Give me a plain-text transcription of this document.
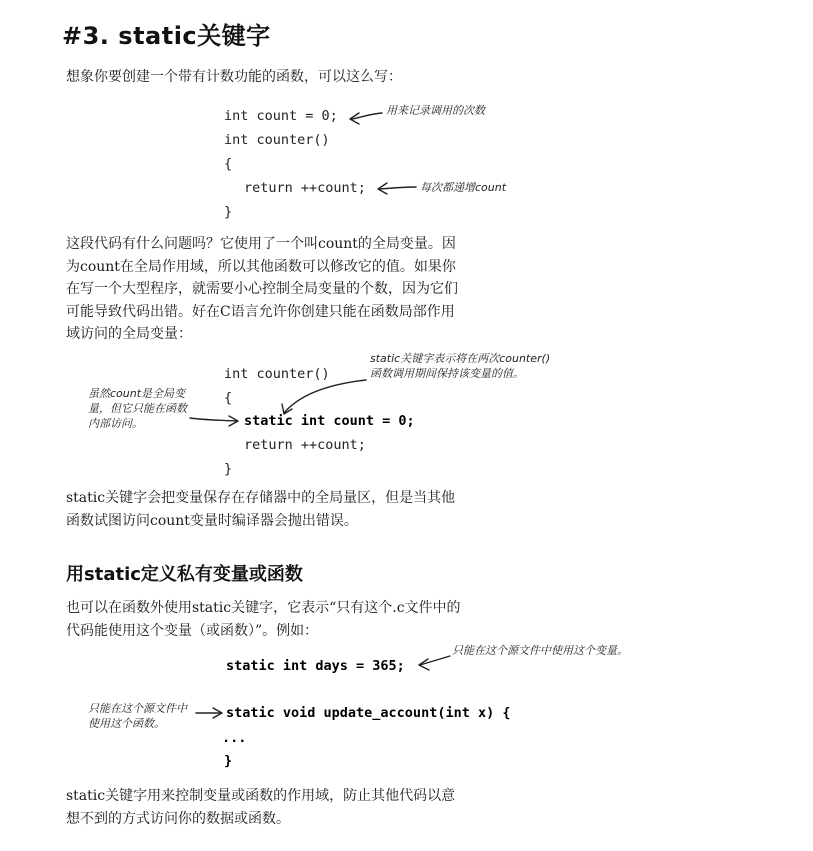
#3. static关键字
想象你要创建一个带有计数功能的函数，可以这么写：
int count = 0;
int counter()
{
return ++count;
}
用来记录调用的次数
每次都递增count
这段代码有什么问题吗？它使用了一个叫count的全局变量。因为count在全局作用域，所以其他函数可以修改它的值。如果你在写一个大型程序，就需要小心控制全局变量的个数，因为它们可能导致代码出错。好在C语言允许你创建只能在函数局部作用域访问的全局变量：
int counter()
{
static int count = 0;
return ++count;
}
static关键字表示将在两次counter()函数调用期间保持该变量的值。
虽然count是全局变量，但它只能在函数内部访问。
static关键字会把变量保存在存储器中的全局量区，但是当其他函数试图访问count变量时编译器会抛出错误。
用static定义私有变量或函数
也可以在函数外使用static关键字，它表示“只有这个.c文件中的代码能使用这个变量（或函数）”。例如：
static int days = 365;
static void update_account(int x) {
...
}
只能在这个源文件中使用这个变量。
只能在这个源文件中使用这个函数。
static关键字用来控制变量或函数的作用域，防止其他代码以意想不到的方式访问你的数据或函数。
